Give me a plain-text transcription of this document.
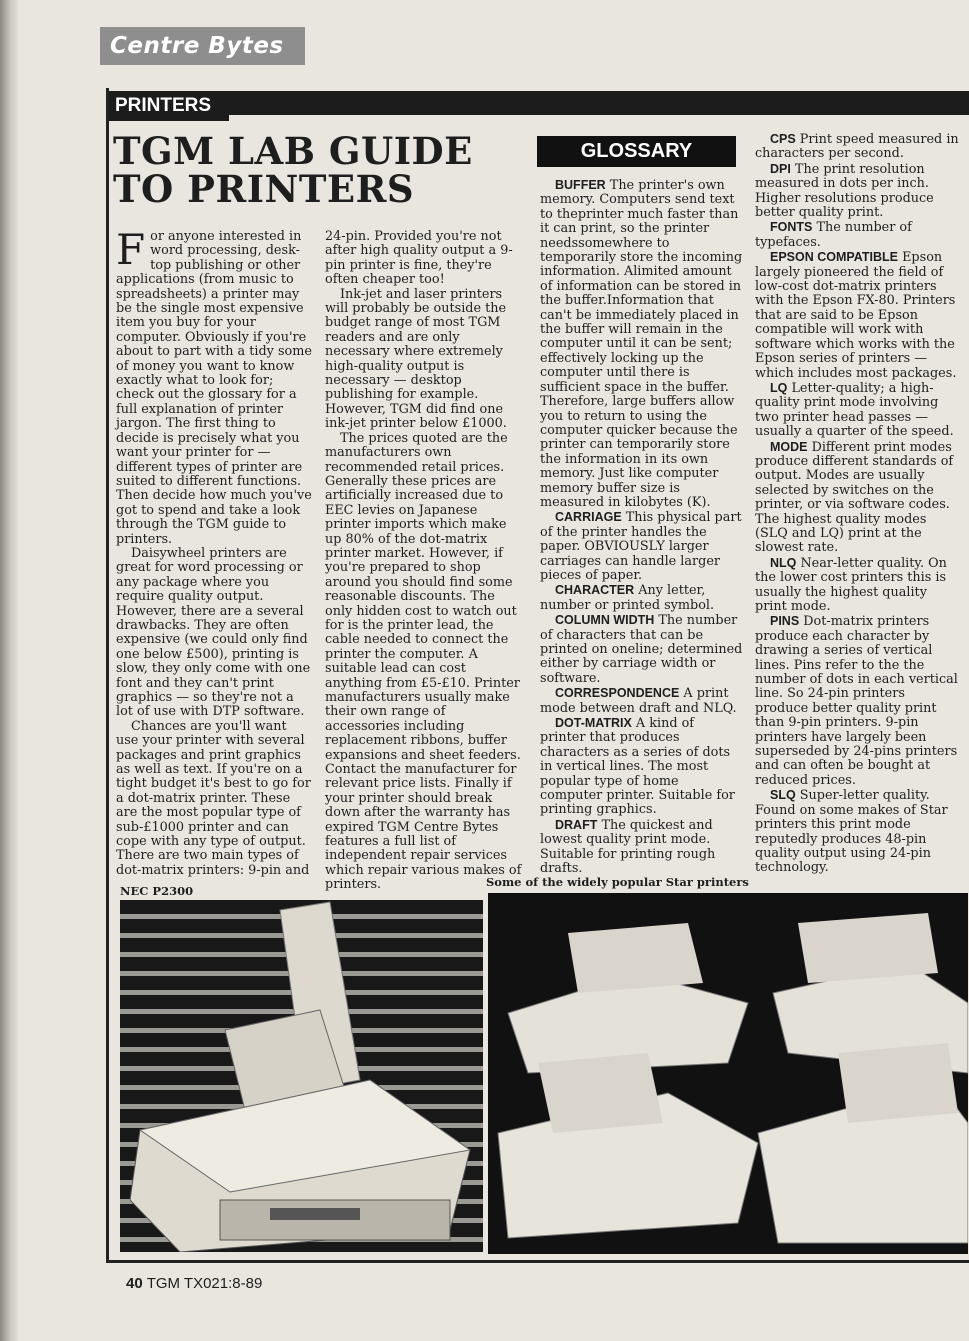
Centre Bytes
PRINTERS
TGM LAB GUIDE TO PRINTERS

For anyone interested in word processing, desk-top publishing or other applications (from music to spreadsheets) a printer may be the single most expensive item you buy for your computer. Obviously if you're about to part with a tidy some of money you want to know exactly what to look for; check out the glossary for a full explanation of printer jargon. The first thing to decide is precisely what you want your printer for — different types of printer are suited to different functions. Then decide how much you've got to spend and take a look through the TGM guide to printers.

Daisywheel printers are great for word processing or any package where you require quality output. However, there are a several drawbacks. They are often expensive (we could only find one below £500), printing is slow, they only come with one font and they can't print graphics — so they're not a lot of use with DTP software.

Chances are you'll want use your printer with several packages and print graphics as well as text. If you're on a tight budget it's best to go for a dot-matrix printer. These are the most popular type of sub-£1000 printer and can cope with any type of output. There are two main types of dot-matrix printers: 9-pin and

24-pin. Provided you're not after high quality output a 9-pin printer is fine, they're often cheaper too!

Ink-jet and laser printers will probably be outside the budget range of most TGM readers and are only necessary where extremely high-quality output is necessary — desktop publishing for example. However, TGM did find one ink-jet printer below £1000.

The prices quoted are the manufacturers own recommended retail prices. Generally these prices are artificially increased due to EEC levies on Japanese printer imports which make up 80% of the dot-matrix printer market. However, if you're prepared to shop around you should find some reasonable discounts. The only hidden cost to watch out for is the printer lead, the cable needed to connect the printer the computer. A suitable lead can cost anything from £5-£10. Printer manufacturers usually make their own range of accessories including replacement ribbons, buffer expansions and sheet feeders. Contact the manufacturer for relevant price lists. Finally if your printer should break down after the warranty has expired TGM Centre Bytes features a full list of independent repair services which repair various makes of printers.

GLOSSARY

BUFFER The printer's own memory. Computers send text to theprinter much faster than it can print, so the printer needssomewhere to temporarily store the incoming information. Alimited amount of information can be stored in the buffer.Information that can't be immediately placed in the buffer will remain in the computer until it can be sent; effectively locking up the computer until there is sufficient space in the buffer. Therefore, large buffers allow you to return to using the computer quicker because the printer can temporarily store the information in its own memory. Just like computer memory buffer size is measured in kilobytes (K).

CARRIAGE This physical part of the printer handles the paper. OBVIOUSLY larger carriages can handle larger pieces of paper.

CHARACTER Any letter, number or printed symbol.

COLUMN WIDTH The number of characters that can be printed on oneline; determined either by carriage width or software.

CORRESPONDENCE A print mode between draft and NLQ.

DOT-MATRIX A kind of printer that produces characters as a series of dots in vertical lines. The most popular type of home computer printer. Suitable for printing graphics.

DRAFT The quickest and lowest quality print mode. Suitable for printing rough drafts.

CPS Print speed measured in characters per second.

DPI The print resolution measured in dots per inch. Higher resolutions produce better quality print.

FONTS The number of typefaces.

EPSON COMPATIBLE Epson largely pioneered the field of low-cost dot-matrix printers with the Epson FX-80. Printers that are said to be Epson compatible will work with software which works with the Epson series of printers — which includes most packages.

LQ Letter-quality; a high-quality print mode involving two printer head passes — usually a quarter of the speed.

MODE Different print modes produce different standards of output. Modes are usually selected by switches on the printer, or via software codes. The highest quality modes (SLQ and LQ) print at the slowest rate.

NLQ Near-letter quality. On the lower cost printers this is usually the highest quality print mode.

PINS Dot-matrix printers produce each character by drawing a series of vertical lines. Pins refer to the the number of dots in each vertical line. So 24-pin printers produce better quality print than 9-pin printers. 9-pin printers have largely been superseded by 24-pins printers and can often be bought at reduced prices.

SLQ Super-letter quality. Found on some makes of Star printers this print mode reputedly produces 48-pin quality output using 24-pin technology.

NEC P2300
Some of the widely popular Star printers
40 TGM TX021:8-89
